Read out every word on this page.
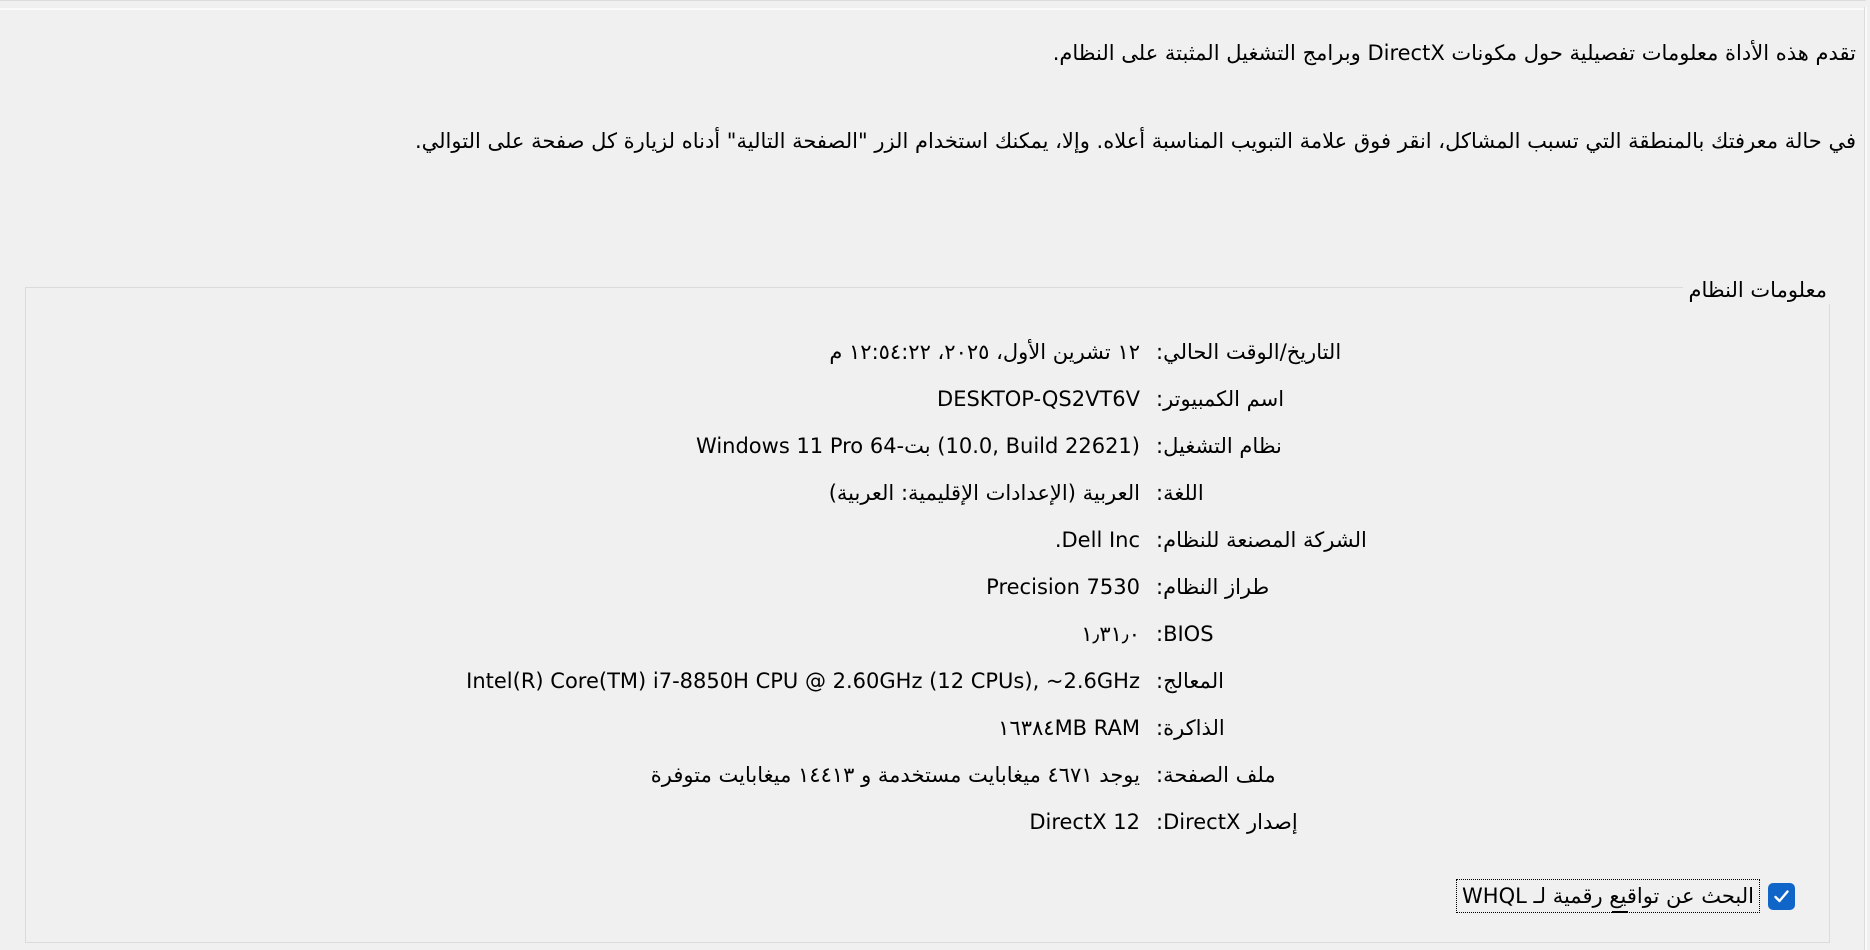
تقدم هذه الأداة معلومات تفصيلية حول مكونات DirectX وبرامج التشغيل المثبتة على النظام.

في حالة معرفتك بالمنطقة التي تسبب المشاكل، انقر فوق علامة التبويب المناسبة أعلاه. وإلا، يمكنك استخدام الزر "الصفحة التالية" أدناه لزيارة كل صفحة على التوالي.

معلومات النظام
التاريخ/الوقت الحالي:
١٢ تشرين الأول، ٢٠٢٥، ١٢:٥٤:٢٢ م
اسم الكمبيوتر:
DESKTOP-QS2VT6V
نظام التشغيل:
Windows 11 Pro 64-بت (10.0, Build 22621)
اللغة:
العربية (الإعدادات الإقليمية: العربية)
الشركة المصنعة للنظام:
Dell Inc.
طراز النظام:
Precision 7530
BIOS:
١٫٣١٫٠
المعالج:
Intel(R) Core(TM) i7-8850H CPU @ 2.60GHz (12 CPUs), ~2.6GHz
الذاكرة:
١٦٣٨٤MB RAM
ملف الصفحة:
يوجد ٤٦٧١ ميغابايت مستخدمة و ١٤٤١٣ ميغابايت متوفرة
إصدار DirectX:
DirectX 12
البحث عن تواقيع رقمية لـ WHQL
